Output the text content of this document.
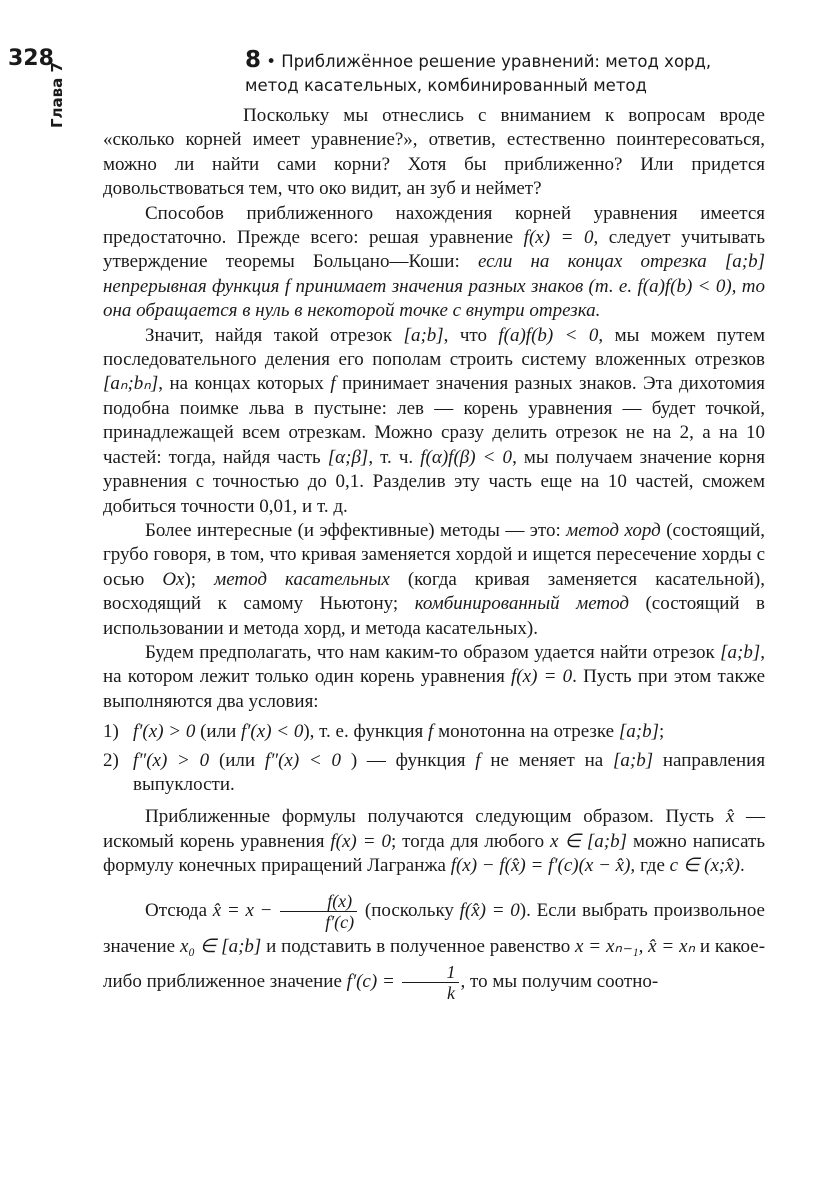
328
Глава 7
8 • Приближённое решение уравнений: метод хорд,
метод касательных, комбинированный метод

Поскольку мы отнеслись с вниманием к вопросам вроде «сколько корней имеет уравнение?», ответив, естественно поинтересоваться, можно ли найти сами корни? Хотя бы приближенно? Или придется довольствоваться тем, что око видит, ан зуб и неймет?

Способов приближенного нахождения корней уравнения имеется предостаточно. Прежде всего: решая уравнение f(x) = 0, следует учитывать утверждение теоремы Больцано—Коши: если на концах отрезка [a;b] непрерывная функция f принимает значения разных знаков (т. е. f(a)f(b) < 0), то она обращается в нуль в некоторой точке с внутри отрезка.

Значит, найдя такой отрезок [a;b], что f(a)f(b) < 0, мы можем путем последовательного деления его пополам строить систему вложенных отрезков [aₙ;bₙ], на концах которых f принимает значения разных знаков. Эта дихотомия подобна поимке льва в пустыне: лев — корень уравнения — будет точкой, принадлежащей всем отрезкам. Можно сразу делить отрезок не на 2, а на 10 частей: тогда, найдя часть [α;β], т. ч. f(α)f(β) < 0, мы получаем значение корня уравнения с точностью до 0,1. Разделив эту часть еще на 10 частей, сможем добиться точности 0,01, и т. д.

Более интересные (и эффективные) методы — это: метод хорд (состоящий, грубо говоря, в том, что кривая заменяется хордой и ищется пересечение хорды с осью Ox); метод касательных (когда кривая заменяется касательной), восходящий к самому Ньютону; комбинированный метод (состоящий в использовании и метода хорд, и метода касательных).

Будем предполагать, что нам каким-то образом удается найти отрезок [a;b], на котором лежит только один корень уравнения f(x) = 0. Пусть при этом также выполняются два условия:

1) f′(x) > 0 (или f′(x) < 0), т. е. функция f монотонна на отрезке [a;b];
2) f″(x) > 0 (или f″(x) < 0 ) — функция f не меняет на [a;b] направления выпуклости.

Приближенные формулы получаются следующим образом. Пусть x̂ — искомый корень уравнения f(x) = 0; тогда для любого x ∈ [a;b] можно написать формулу конечных приращений Лагранжа f(x) − f(x̂) = f′(c)(x − x̂), где c ∈ (x;x̂).

Отсюда x̂ = $x - \frac{f(x)}{f'(c)}$ (поскольку f(x̂) = 0). Если выбрать произвольное значение x₀ ∈ [a;b] и подставить в полученное равенство x = xₙ₋₁, x̂ = xₙ и какое-либо приближенное значение $f'(c) = \frac{1}{k}$ , то мы получим соотно-
